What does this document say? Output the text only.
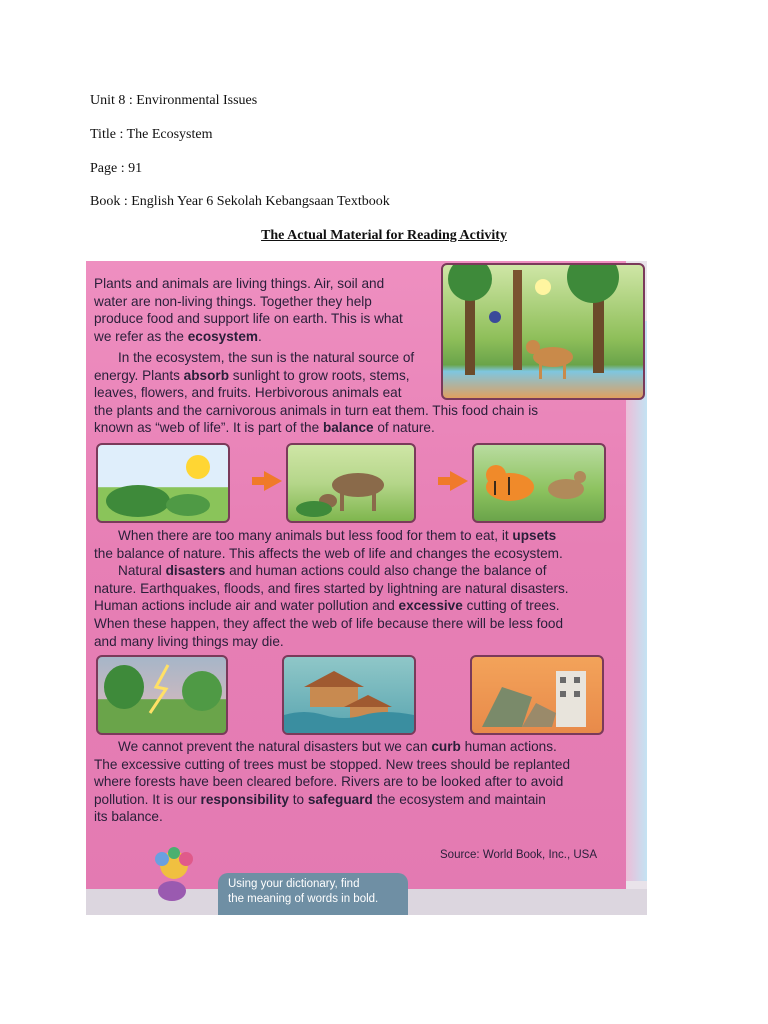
Unit 8 : Environmental Issues
Title : The Ecosystem
Page : 91
Book : English Year 6 Sekolah Kebangsaan Textbook
The Actual Material for Reading Activity
Plants and animals are living things. Air, soil and
water are non-living things. Together they help
produce food and support life on earth. This is what
we refer as the ecosystem.
In the ecosystem, the sun is the natural source of
energy. Plants absorb sunlight to grow roots, stems,
leaves, flowers, and fruits. Herbivorous animals eat
the plants and the carnivorous animals in turn eat them. This food chain is
known as “web of life”. It is part of the balance of nature.
When there are too many animals but less food for them to eat, it upsets
the balance of nature. This affects the web of life and changes the ecosystem.
Natural disasters and human actions could also change the balance of
nature. Earthquakes, floods, and fires started by lightning are natural disasters.
Human actions include air and water pollution and excessive cutting of trees.
When these happen, they affect the web of life because there will be less food
and many living things may die.
We cannot prevent the natural disasters but we can curb human actions.
The excessive cutting of trees must be stopped. New trees should be replanted
where forests have been cleared before. Rivers are to be looked after to avoid
pollution. It is our responsibility to safeguard the ecosystem and maintain
its balance.
Source: World Book, Inc., USA
Using your dictionary, find
the meaning of words in bold.
